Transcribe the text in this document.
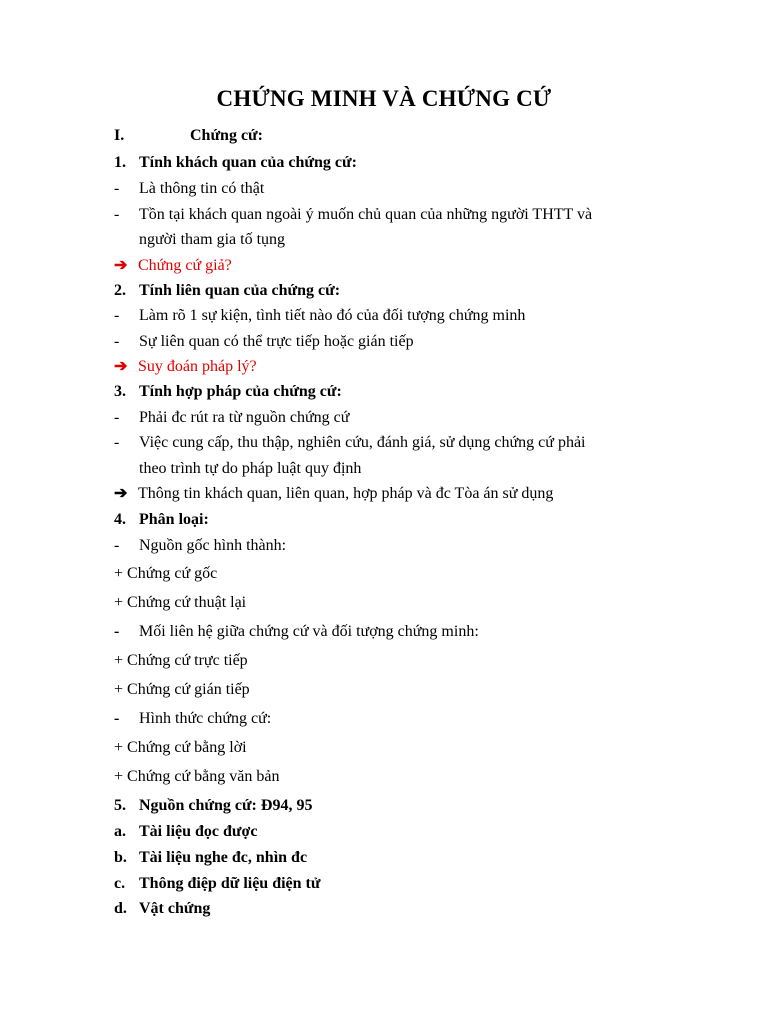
CHỨNG MINH VÀ CHỨNG CỨ
I.	Chứng cứ:
1. Tính khách quan của chứng cứ:
- Là thông tin có thật
- Tồn tại khách quan ngoài ý muốn chủ quan của những người THTT và
người tham gia tố tụng
➔ Chứng cứ giả?
2. Tính liên quan của chứng cứ:
- Làm rõ 1 sự kiện, tình tiết nào đó của đối tượng chứng minh
- Sự liên quan có thể trực tiếp hoặc gián tiếp
➔ Suy đoán pháp lý?
3. Tính hợp pháp của chứng cứ:
- Phải đc rút ra từ nguồn chứng cứ
- Việc cung cấp, thu thập, nghiên cứu, đánh giá, sử dụng chứng cứ phải
theo trình tự do pháp luật quy định
➔ Thông tin khách quan, liên quan, hợp pháp và đc Tòa án sử dụng
4. Phân loại:
- Nguồn gốc hình thành:
+ Chứng cứ gốc
+ Chứng cứ thuật lại
- Mối liên hệ giữa chứng cứ và đối tượng chứng minh:
+ Chứng cứ trực tiếp
+ Chứng cứ gián tiếp
- Hình thức chứng cứ:
+ Chứng cứ bằng lời
+ Chứng cứ bằng văn bản
5. Nguồn chứng cứ: Đ94, 95
a. Tài liệu đọc được
b. Tài liệu nghe đc, nhìn đc
c. Thông điệp dữ liệu điện tử
d. Vật chứng
